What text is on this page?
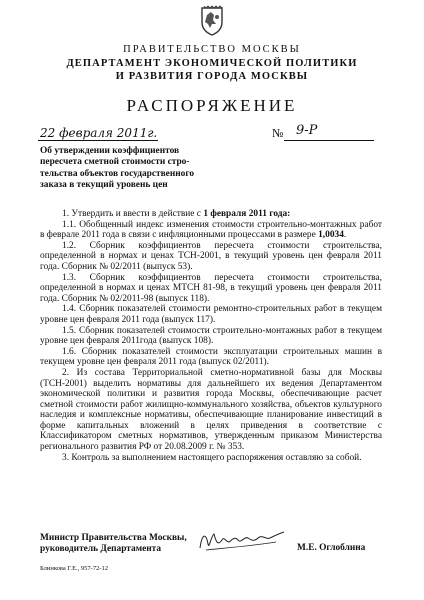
ПРАВИТЕЛЬСТВО МОСКВЫ
ДЕПАРТАМЕНТ ЭКОНОМИЧЕСКОЙ ПОЛИТИКИ
И РАЗВИТИЯ ГОРОДА МОСКВЫ
РАСПОРЯЖЕНИЕ
22 февраля 2011г.	№ 9-Р
Об утверждении коэффициентов
пересчета сметной стоимости стро-
тельства объектов государственного
заказа в текущий уровень цен

1. Утвердить и ввести в действие с 1 февраля 2011 года:

1.1. Обобщенный индекс изменения стоимости строительно-монтажных работ в феврале 2011 года в связи с инфляционными процессами в размере 1,0034.

1.2. Сборник коэффициентов пересчета стоимости строительства, определенной в нормах и ценах ТСН-2001, в текущий уровень цен февраля 2011 года. Сборник № 02/2011 (выпуск 53).

1.3. Сборник коэффициентов пересчета стоимости строительства, определенной в нормах и ценах МТСН 81-98, в текущий уровень цен февраля 2011 года. Сборник № 02/2011-98 (выпуск 118).

1.4. Сборник показателей стоимости ремонтно-строительных работ в текущем уровне цен февраля 2011 года (выпуск 117).

1.5. Сборник показателей стоимости строительно-монтажных работ в текущем уровне цен февраля 2011года (выпуск 108).

1.6. Сборник показателей стоимости эксплуатации строительных машин в текущем уровне цен февраля 2011 года (выпуск 02/2011).

2. Из состава Территориальной сметно-нормативной базы для Москвы (ТСН-2001) выделить нормативы для дальнейшего их ведения Департаментом экономической политики и развития города Москвы, обеспечивающие расчет сметной стоимости работ жилищно-коммунального хозяйства, объектов культурного наследия и комплексные нормативы, обеспечивающие планирование инвестиций в форме капитальных вложений в целях приведения в соответствие с Классификатором сметных нормативов, утвержденным приказом Министерства регионального развития РФ от 20.08.2009 г. № 353.

3. Контроль за выполнением настоящего распоряжения оставляю за собой.

Министр Правительства Москвы,
руководитель Департамента	М.Е. Оглоблина
Блинкова Г.Е., 957-72-12
